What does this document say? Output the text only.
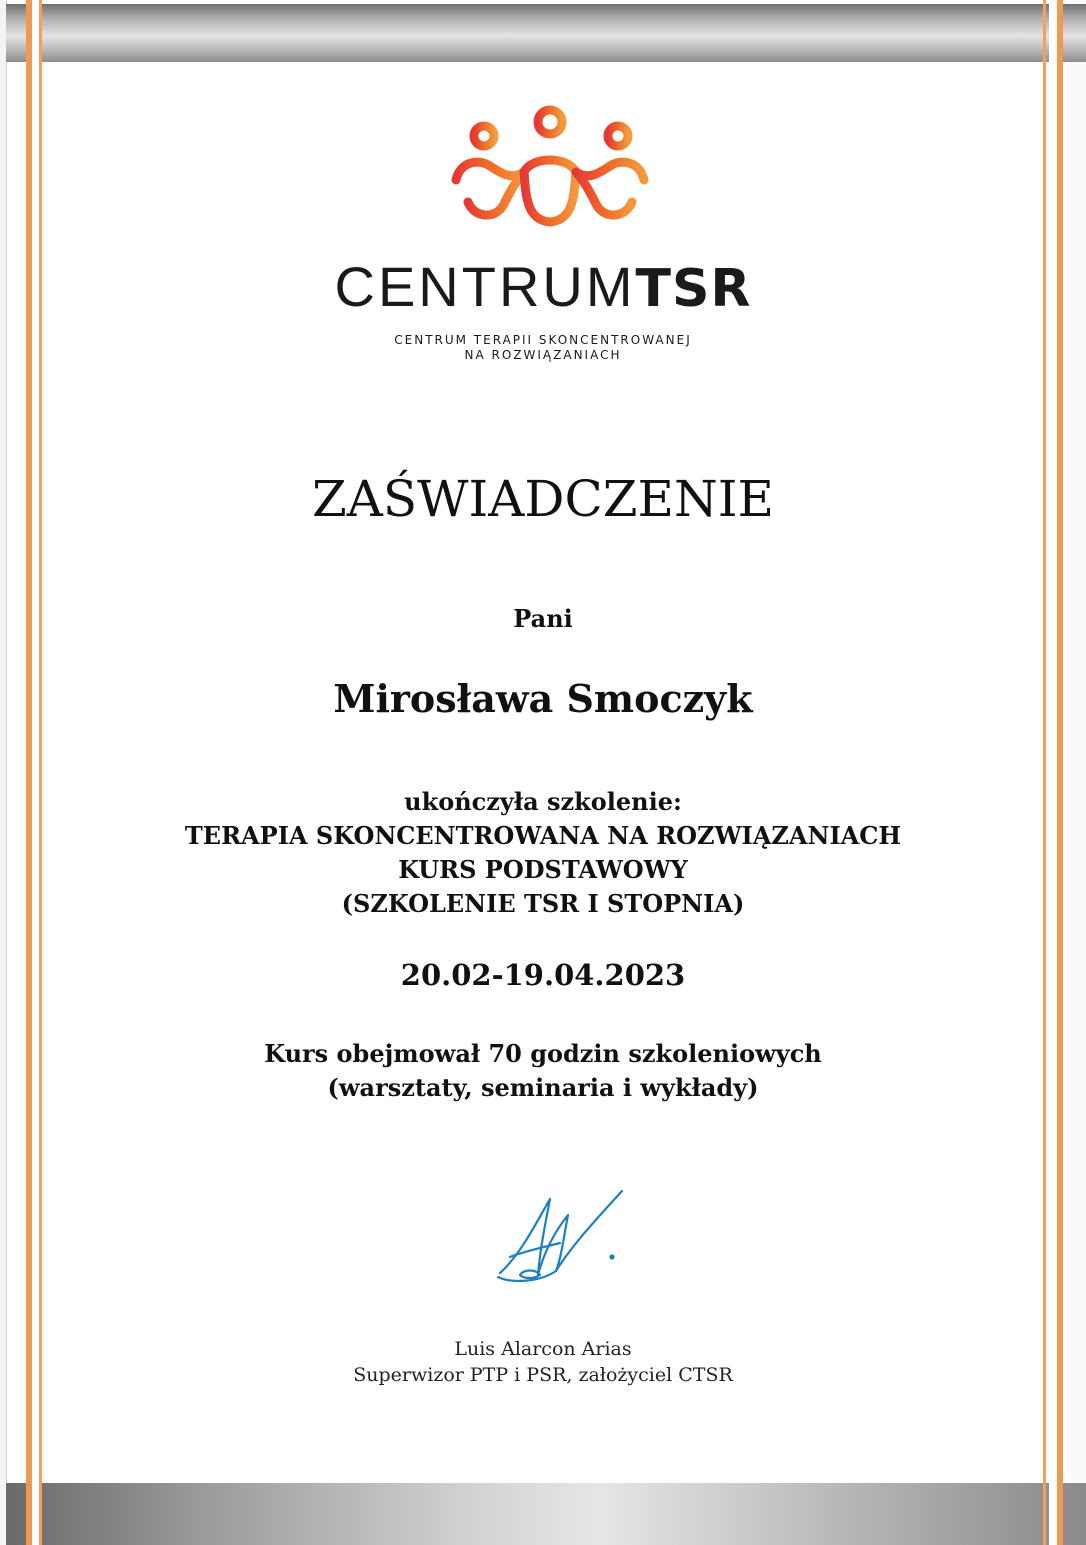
CENTRUMTSR
CENTRUM TERAPII SKONCENTROWANEJ
NA ROZWIĄZANIACH
ZAŚWIADCZENIE
Pani
Mirosława Smoczyk
ukończyła szkolenie:
TERAPIA SKONCENTROWANA NA ROZWIĄZANIACH
KURS PODSTAWOWY
(SZKOLENIE TSR I STOPNIA)
20.02-19.04.2023
Kurs obejmował 70 godzin szkoleniowych
(warsztaty, seminaria i wykłady)
Luis Alarcon Arias
Superwizor PTP i PSR, założyciel CTSR
